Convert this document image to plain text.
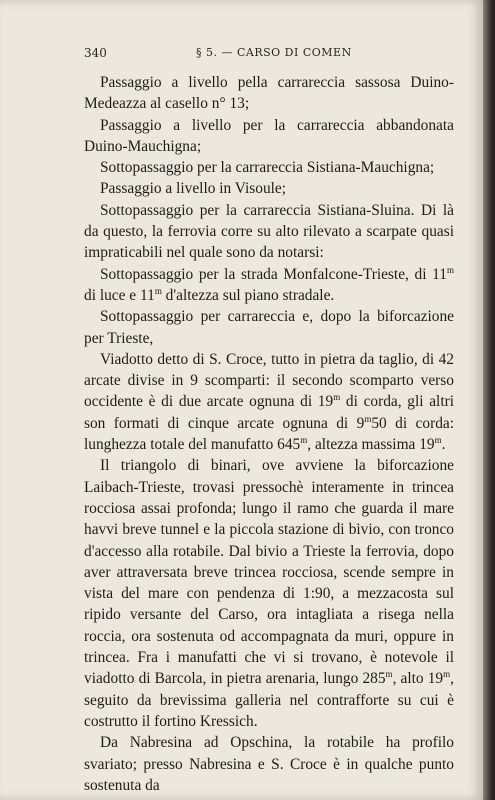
340	§ 5. — CARSO DI COMEN

Passaggio a livello pella carrareccia sassosa Duino-Medeazza al casello n° 13;

Passaggio a livello per la carrareccia abbandonata Duino-Mauchigna;

Sottopassaggio per la carrareccia Sistiana-Mauchigna;

Passaggio a livello in Visoule;

Sottopassaggio per la carrareccia Sistiana-Sluina. Di là da questo, la ferrovia corre su alto rilevato a scarpate quasi impraticabili nel quale sono da notarsi:

Sottopassaggio per la strada Monfalcone-Trieste, di 11$^m$ di luce e 11$^m$ d'altezza sul piano stradale.

Sottopassaggio per carrareccia e, dopo la biforcazione per Trieste,

Viadotto detto di S. Croce, tutto in pietra da taglio, di 42 arcate divise in 9 scomparti: il secondo scomparto verso occidente è di due arcate ognuna di 19$^m$ di corda, gli altri son formati di cinque arcate ognuna di 9$^m$50 di corda: lunghezza totale del manufatto 645$^m$, altezza massima 19$^m$.

Il triangolo di binari, ove avviene la biforcazione Laibach-Trieste, trovasi pressochè interamente in trincea rocciosa assai profonda; lungo il ramo che guarda il mare havvi breve tunnel e la piccola stazione di bivio, con tronco d'accesso alla rotabile. Dal bivio a Trieste la ferrovia, dopo aver attraversata breve trincea rocciosa, scende sempre in vista del mare con pendenza di 1:90, a mezzacosta sul ripido versante del Carso, ora intagliata a risega nella roccia, ora sostenuta od accompagnata da muri, oppure in trincea. Fra i manufatti che vi si trovano, è notevole il viadotto di Barcola, in pietra arenaria, lungo 285$^m$, alto 19$^m$, seguito da brevissima galleria nel contrafforte su cui è costrutto il fortino Kressich.

Da Nabresina ad Opschina, la rotabile ha profilo svariato; presso Nabresina e S. Croce è in qualche punto sostenuta da
